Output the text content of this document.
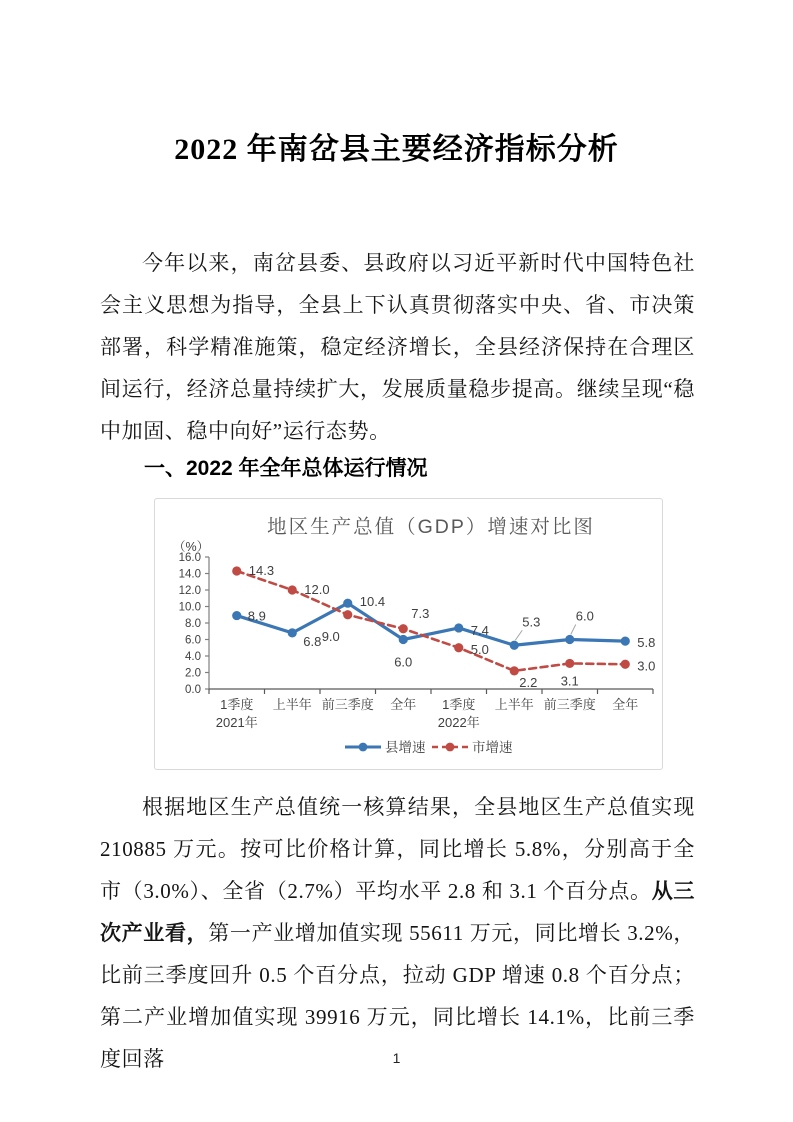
2022 年南岔县主要经济指标分析

今年以来，南岔县委、县政府以习近平新时代中国特色社会主义思想为指导，全县上下认真贯彻落实中央、省、市决策部署，科学精准施策，稳定经济增长，全县经济保持在合理区间运行，经济总量持续扩大，发展质量稳步提高。继续呈现“稳中加固、稳中向好”运行态势。

一、2022 年全年总体运行情况
地区生产总值（GDP）增速对比图
（%）
0.0
2.0
4.0
6.0
8.0
10.0
12.0
14.0
16.0
1季度 上半年 前三季度 全年 1季度 上半年 前三季度 全年
2021年	2022年
8.9
6.8
10.4
6.0
7.4
5.3	6.0
5.8
14.3
12.0
9.0
7.3
5.0
2.2 3.1
3.0
县增速	市增速

根据地区生产总值统一核算结果，全县地区生产总值实现 210885 万元。按可比价格计算，同比增长 5.8%，分别高于全市（3.0%）、全省（2.7%）平均水平 2.8 和 3.1 个百分点。从三次产业看，第一产业增加值实现 55611 万元，同比增长 3.2%，比前三季度回升 0.5 个百分点，拉动 GDP 增速 0.8 个百分点；第二产业增加值实现 39916 万元，同比增长 14.1%，比前三季度回落	1
